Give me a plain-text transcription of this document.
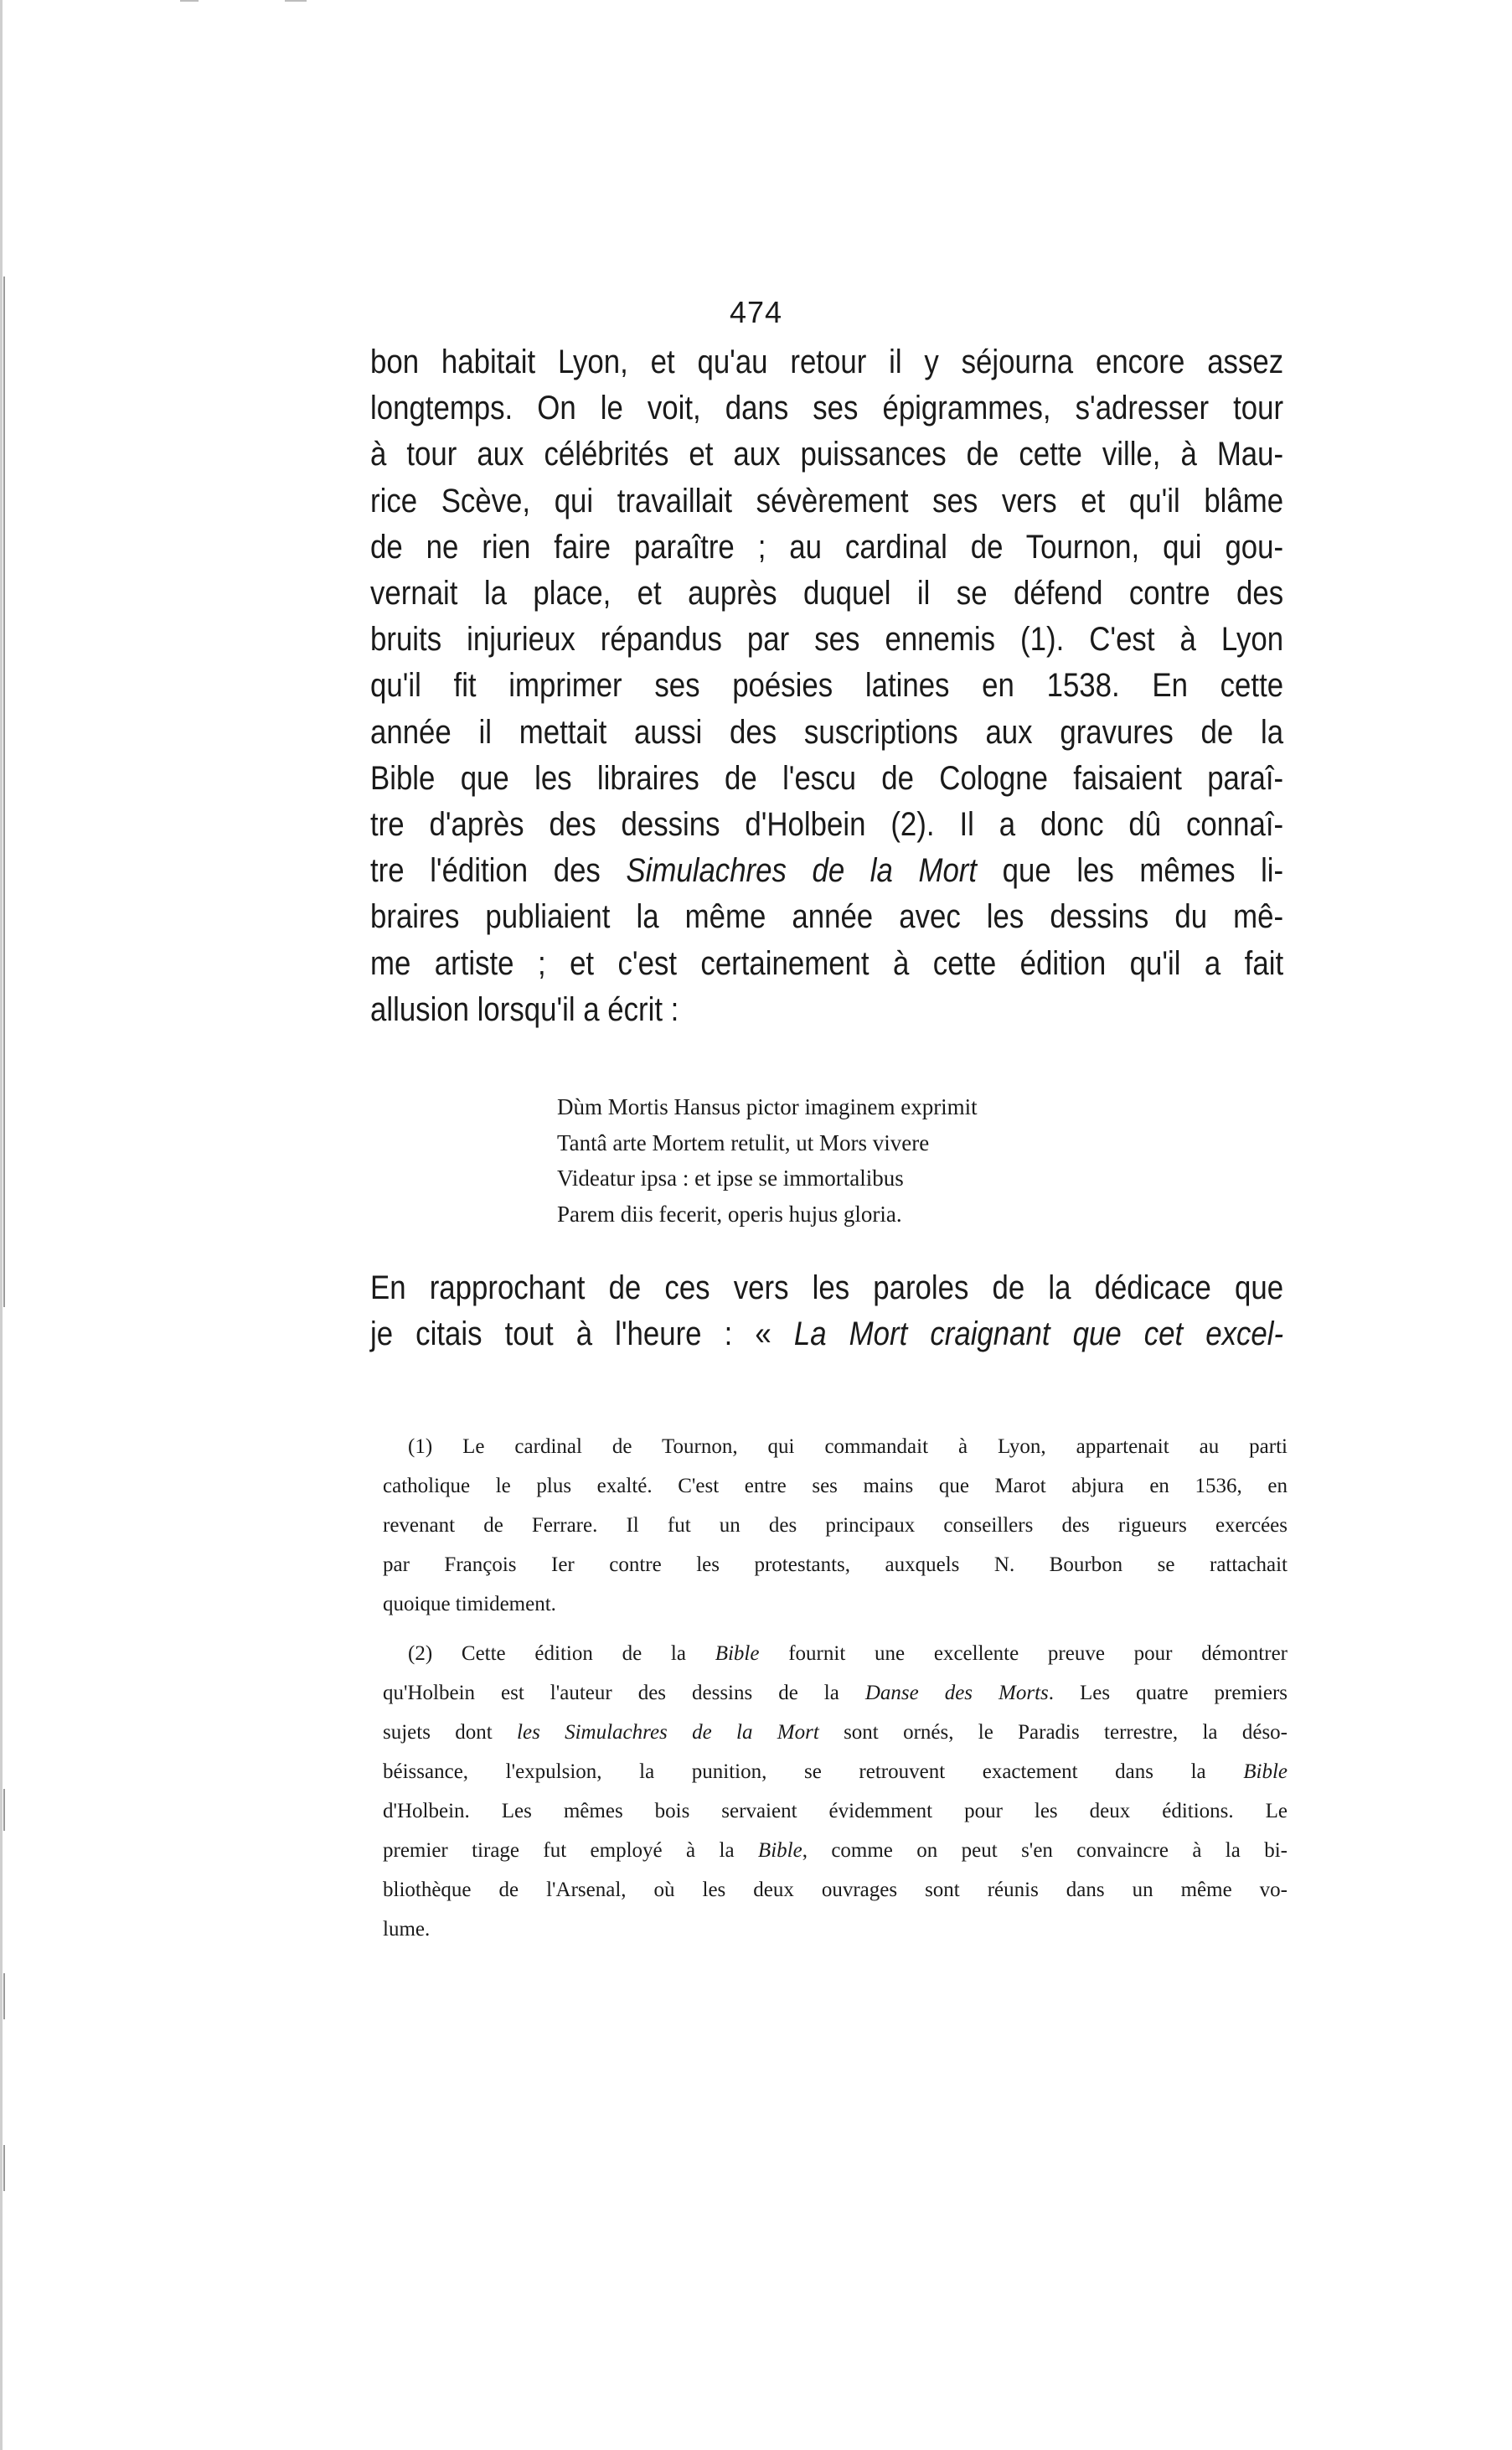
474
bon habitait Lyon, et qu'au retour il y séjourna encore assez
longtemps. On le voit, dans ses épigrammes, s'adresser tour
à tour aux célébrités et aux puissances de cette ville, à Mau-
rice Scève, qui travaillait sévèrement ses vers et qu'il blâme
de ne rien faire paraître ; au cardinal de Tournon, qui gou-
vernait la place, et auprès duquel il se défend contre des
bruits injurieux répandus par ses ennemis (1). C'est à Lyon
qu'il fit imprimer ses poésies latines en 1538. En cette
année il mettait aussi des suscriptions aux gravures de la
Bible que les libraires de l'escu de Cologne faisaient paraî-
tre d'après des dessins d'Holbein (2). Il a donc dû connaî-
tre l'édition des Simulachres de la Mort que les mêmes li-
braires publiaient la même année avec les dessins du mê-
me artiste ; et c'est certainement à cette édition qu'il a fait
allusion lorsqu'il a écrit :
Dùm Mortis Hansus pictor imaginem exprimit
Tantâ arte Mortem retulit, ut Mors vivere
Videatur ipsa : et ipse se immortalibus
Parem diis fecerit, operis hujus gloria.
En rapprochant de ces vers les paroles de la dédicace que
je citais tout à l'heure : « La Mort craignant que cet excel-
(1) Le cardinal de Tournon, qui commandait à Lyon, appartenait au parti
catholique le plus exalté. C'est entre ses mains que Marot abjura en 1536, en
revenant de Ferrare. Il fut un des principaux conseillers des rigueurs exercées
par François Ier contre les protestants, auxquels N. Bourbon se rattachait
quoique timidement.
(2) Cette édition de la Bible fournit une excellente preuve pour démontrer
qu'Holbein est l'auteur des dessins de la Danse des Morts. Les quatre premiers
sujets dont les Simulachres de la Mort sont ornés, le Paradis terrestre, la déso-
béissance, l'expulsion, la punition, se retrouvent exactement dans la Bible
d'Holbein. Les mêmes bois servaient évidemment pour les deux éditions. Le
premier tirage fut employé à la Bible, comme on peut s'en convaincre à la bi-
bliothèque de l'Arsenal, où les deux ouvrages sont réunis dans un même vo-
lume.
